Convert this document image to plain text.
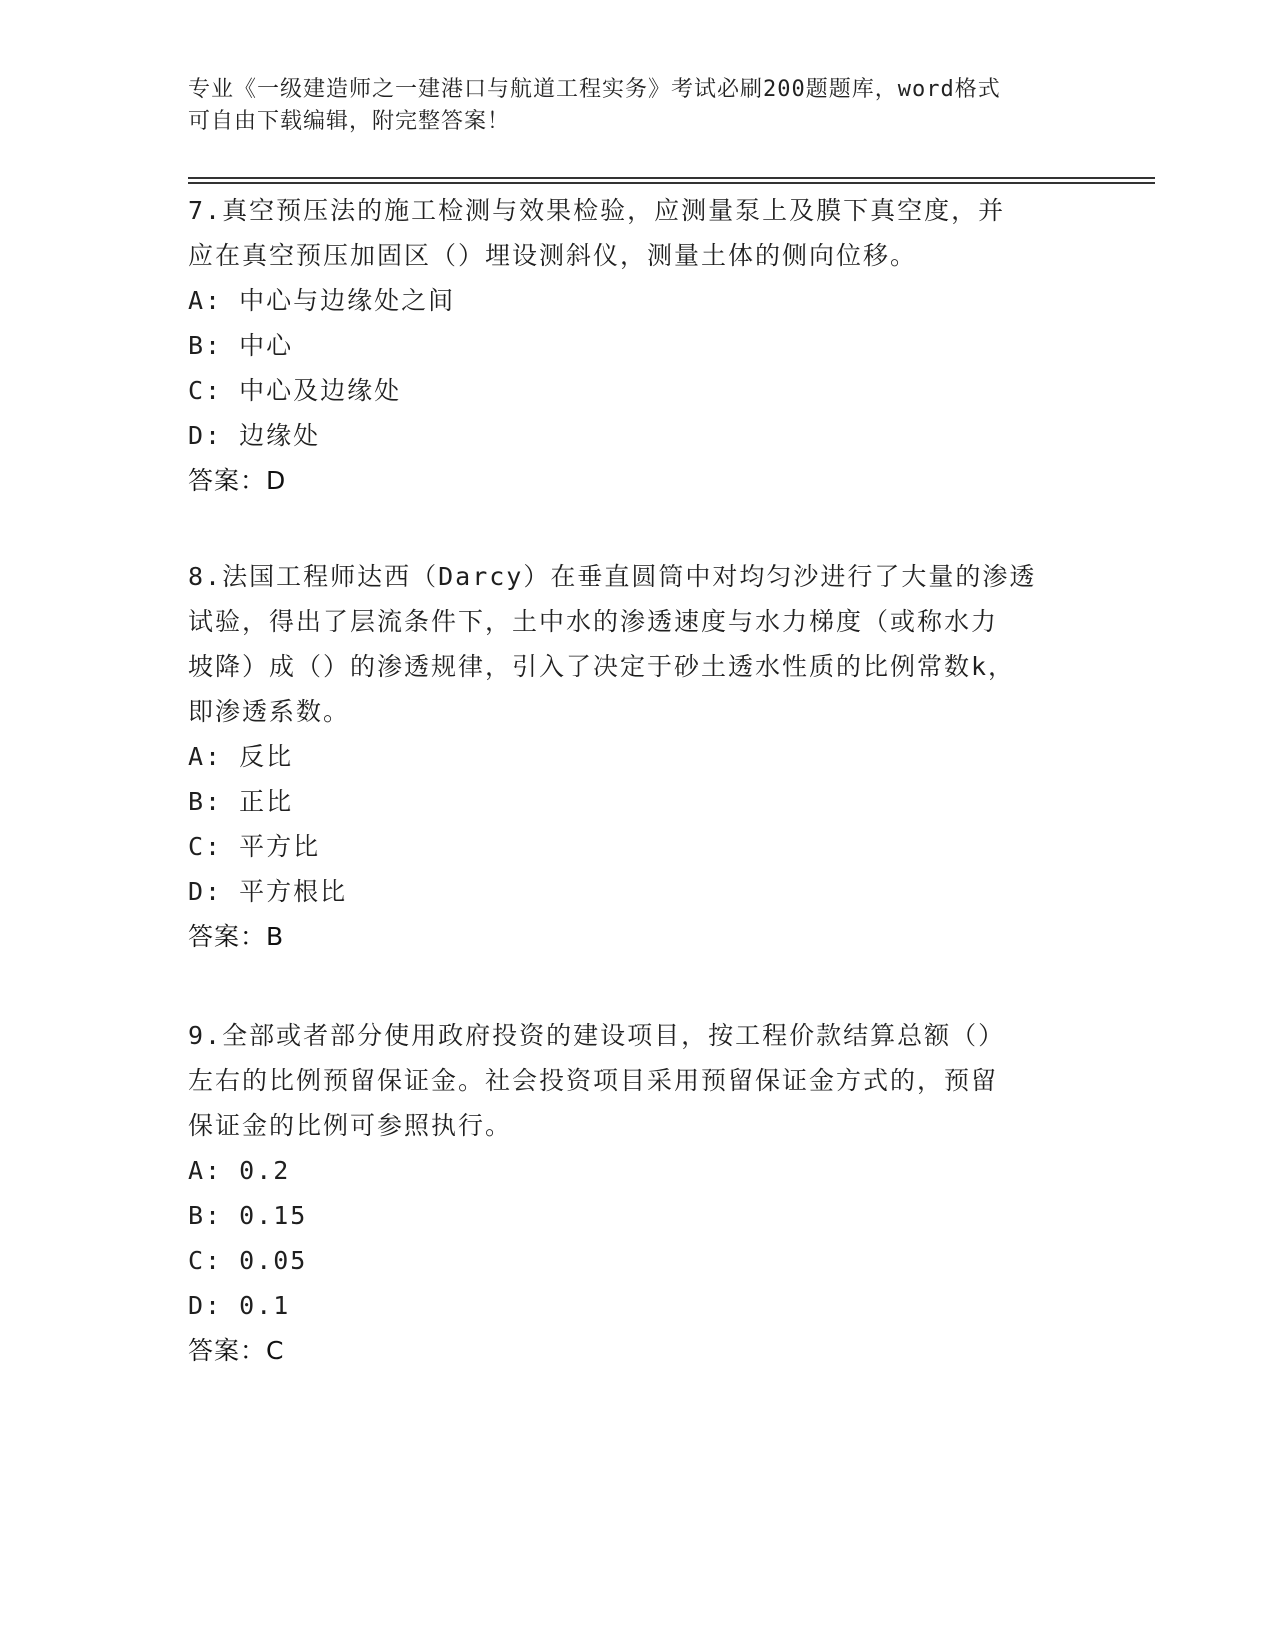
专业《一级建造师之一建港口与航道工程实务》考试必刷200题题库，word格式
可自由下载编辑，附完整答案！
7.真空预压法的施工检测与效果检验，应测量泵上及膜下真空度，并
应在真空预压加固区（）埋设测斜仪，测量土体的侧向位移。
A: 中心与边缘处之间
B: 中心
C: 中心及边缘处
D: 边缘处
答案：D
8.法国工程师达西（Darcy）在垂直圆筒中对均匀沙进行了大量的渗透
试验，得出了层流条件下，土中水的渗透速度与水力梯度（或称水力
坡降）成（）的渗透规律，引入了决定于砂土透水性质的比例常数k，
即渗透系数。
A: 反比
B: 正比
C: 平方比
D: 平方根比
答案：B
9.全部或者部分使用政府投资的建设项目，按工程价款结算总额（）
左右的比例预留保证金。社会投资项目采用预留保证金方式的，预留
保证金的比例可参照执行。
A: 0.2
B: 0.15
C: 0.05
D: 0.1
答案：C
